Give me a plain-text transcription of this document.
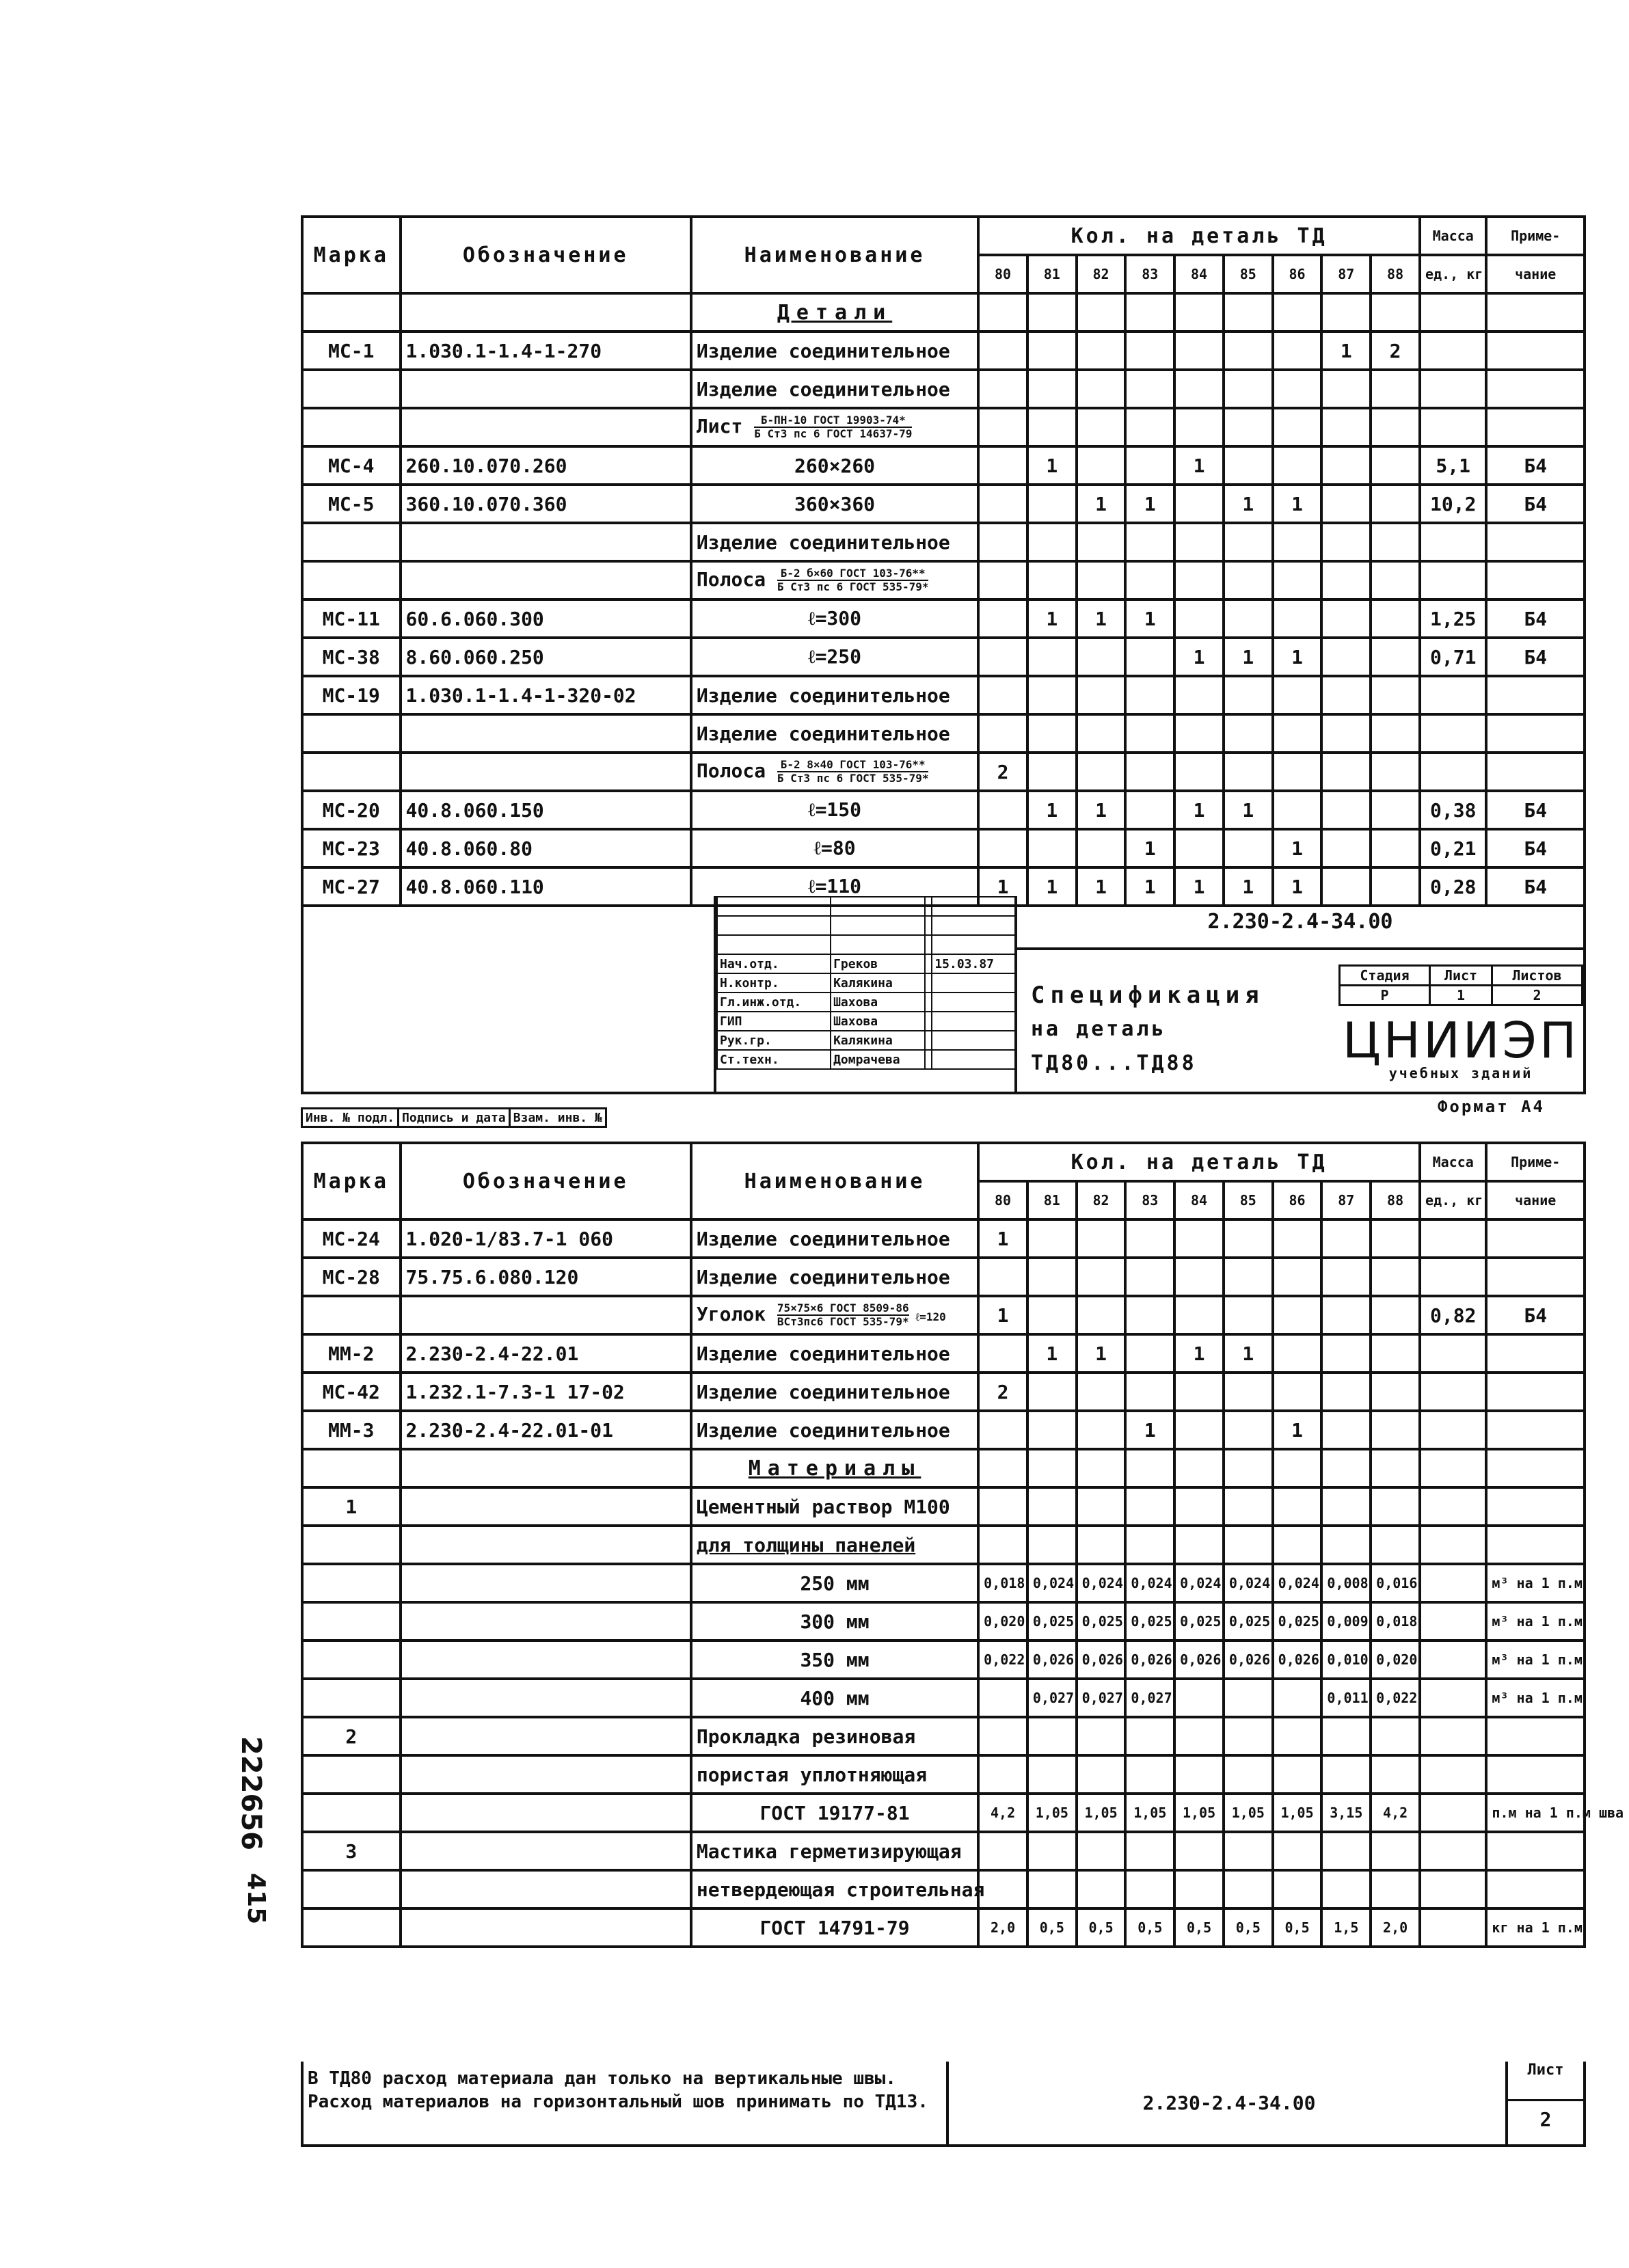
Марка	Обозначение	Наименование	Кол. на деталь ТД									Масса	Приме-
			80	81	82	83	84	85	86	87	88	ед., кг	чание
		Детали											
МС-1	1.030.1-1.4-1-270	Изделие соединительное								1	2		
		Изделие соединительное											
		Лист $\frac{\text{Б-ПН-10 ГОСТ 19903-74*}}{\text{Б Ст3 пс 6 ГОСТ 14637-79}}$

МС-4	260.10.070.260	260×260		1			1					5,1	Б4
МС-5	360.10.070.360	360×360			1	1		1	1			10,2	Б4
		Изделие соединительное											
		Полоса $\frac{\text{Б-2 б×60 ГОСТ 103-76**}}{\text{Б Ст3 пс 6 ГОСТ 535-79*}}$

МС-11	60.6.060.300	ℓ=300		1	1	1						1,25	Б4
МС-38	8.60.060.250	ℓ=250					1	1	1			0,71	Б4
МС-19	1.030.1-1.4-1-320-02	Изделие соединительное											
		Изделие соединительное											
		Полоса $\frac{\text{Б-2 8×40 ГОСТ 103-76**}}{\text{Б Ст3 пс 6 ГОСТ 535-79*}}$	2										
МС-20	40.8.060.150	ℓ=150		1	1		1	1				0,38	Б4
МС-23	40.8.060.80	ℓ=80				1			1			0,21	Б4
МС-27	40.8.060.110	ℓ=110	1	1	1	1	1	1	1			0,28	Б4

Нач.отд.	Греков		15.03.87
Н.контр.	Калякина		
Гл.инж.отд.	Шахова		
ГИП	Шахова		
Рук.гр.	Калякина		
Ст.техн.	Домрачева		
2.230-2.4-34.00
Спецификация
на деталь ТД80...ТД88
Стадия	Лист	Листов
Р	1	2
ЦНИИЭП
учебных зданий
Формат А4
Инв. № подл.	Подпись и дата	Взам. инв. №
Марка	Обозначение	Наименование	Кол. на деталь ТД									Масса	Приме-
			80	81	82	83	84	85	86	87	88	ед., кг	чание
МС-24	1.020-1/83.7-1 060	Изделие соединительное	1										
МС-28	75.75.6.080.120	Изделие соединительное											
		Уголок $\frac{\text{75×75×6 ГОСТ 8509-86}}{\text{ВСт3пс6 ГОСТ 535-79*}}$ ℓ=120	1									0,82	Б4
ММ-2	2.230-2.4-22.01	Изделие соединительное		1	1		1	1					
МС-42	1.232.1-7.3-1 17-02	Изделие соединительное	2										
ММ-3	2.230-2.4-22.01-01	Изделие соединительное				1			1				
		Материалы											
1		Цементный раствор М100											
		для толщины панелей											
		250 мм	0,018	0,024	0,024	0,024	0,024	0,024	0,024	0,008	0,016		м³ на 1 п.м
		300 мм	0,020	0,025	0,025	0,025	0,025	0,025	0,025	0,009	0,018		м³ на 1 п.м
		350 мм	0,022	0,026	0,026	0,026	0,026	0,026	0,026	0,010	0,020		м³ на 1 п.м
		400 мм		0,027	0,027	0,027				0,011	0,022		м³ на 1 п.м
2		Прокладка резиновая											
		пористая уплотняющая											
		ГОСТ 19177-81	4,2	1,05	1,05	1,05	1,05	1,05	1,05	3,15	4,2		п.м на 1 п.м шва
3		Мастика герметизирующая											
		нетвердеющая строительная											
		ГОСТ 14791-79	2,0	0,5	0,5	0,5	0,5	0,5	0,5	1,5	2,0		кг на 1 п.м
В ТД80 расход материала дан только на вертикальные швы.
Расход материалов на горизонтальный шов принимать по ТД13.	2.230-2.4-34.00
Лист
2
222656
415
